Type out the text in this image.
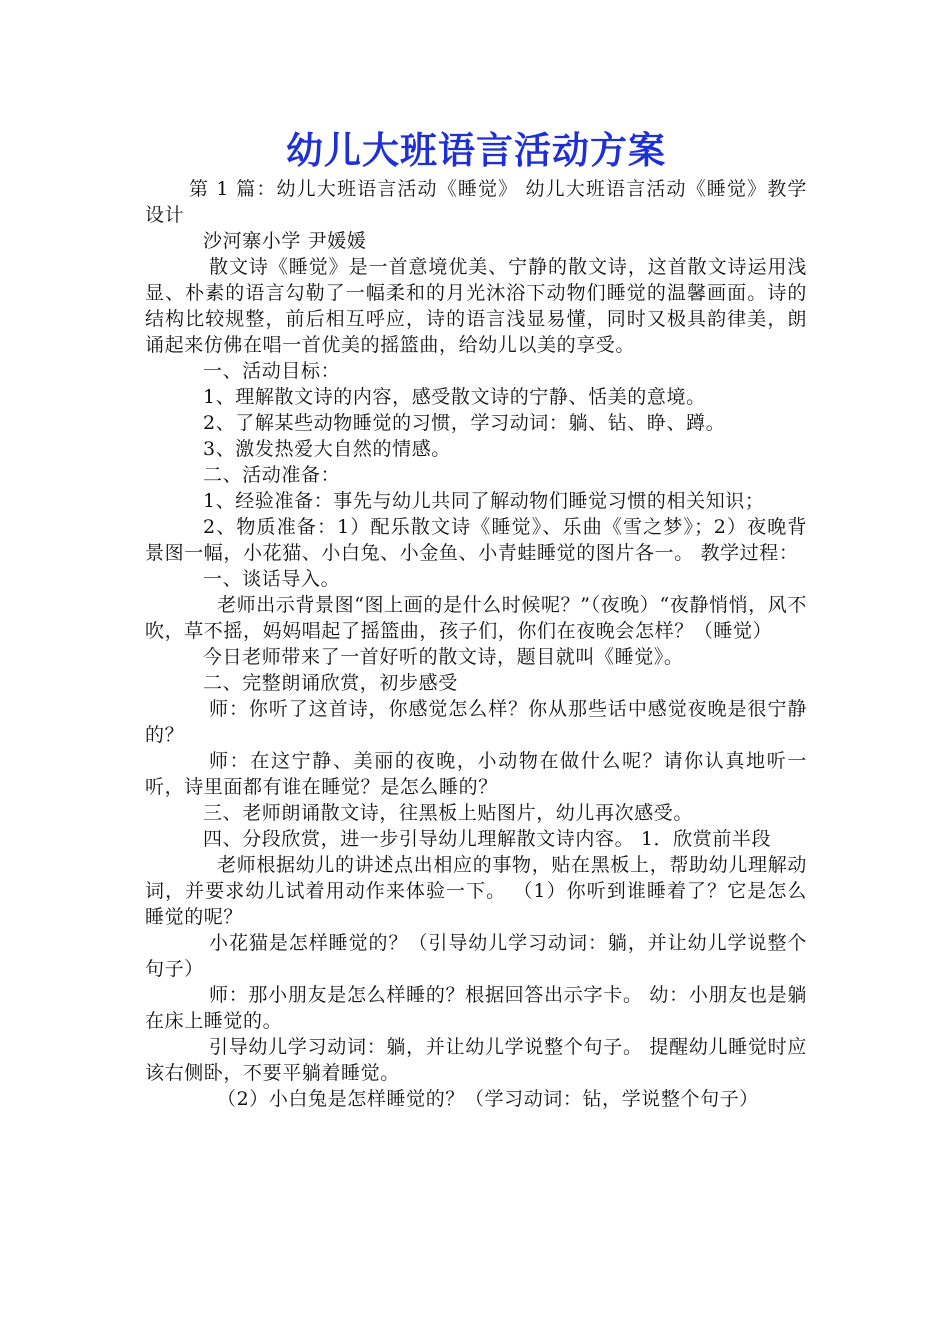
幼儿大班语言活动方案

第 1 篇：幼儿大班语言活动《睡觉》 幼儿大班语言活动《睡觉》教学设计

沙河寨小学 尹媛媛

散文诗《睡觉》是一首意境优美、宁静的散文诗，这首散文诗运用浅显、朴素的语言勾勒了一幅柔和的月光沐浴下动物们睡觉的温馨画面。诗的结构比较规整，前后相互呼应，诗的语言浅显易懂，同时又极具韵律美，朗诵起来仿佛在唱一首优美的摇篮曲，给幼儿以美的享受。

一、活动目标：

1、理解散文诗的内容，感受散文诗的宁静、恬美的意境。

2、了解某些动物睡觉的习惯，学习动词：躺、钻、睁、蹲。

3、激发热爱大自然的情感。

二、活动准备：

1、经验准备：事先与幼儿共同了解动物们睡觉习惯的相关知识；

2、物质准备：1）配乐散文诗《睡觉》、乐曲《雪之梦》；2）夜晚背景图一幅，小花猫、小白兔、小金鱼、小青蛙睡觉的图片各一。 教学过程：

一、谈话导入。

老师出示背景图“图上画的是什么时候呢？”（夜晚）“夜静悄悄，风不吹，草不摇，妈妈唱起了摇篮曲，孩子们，你们在夜晚会怎样？（睡觉）

今日老师带来了一首好听的散文诗，题目就叫《睡觉》。

二、完整朗诵欣赏，初步感受

师：你听了这首诗，你感觉怎么样？你从那些话中感觉夜晚是很宁静的？

师：在这宁静、美丽的夜晚，小动物在做什么呢？请你认真地听一听，诗里面都有谁在睡觉？是怎么睡的？

三、老师朗诵散文诗，往黑板上贴图片，幼儿再次感受。

四、分段欣赏，进一步引导幼儿理解散文诗内容。 1．欣赏前半段

老师根据幼儿的讲述点出相应的事物，贴在黑板上，帮助幼儿理解动词，并要求幼儿试着用动作来体验一下。 （1）你听到谁睡着了？它是怎么睡觉的呢？

小花猫是怎样睡觉的？（引导幼儿学习动词：躺，并让幼儿学说整个句子）

师：那小朋友是怎么样睡的？根据回答出示字卡。 幼：小朋友也是躺在床上睡觉的。

引导幼儿学习动词：躺，并让幼儿学说整个句子。 提醒幼儿睡觉时应该右侧卧，不要平躺着睡觉。

（2）小白兔是怎样睡觉的？（学习动词：钻，学说整个句子）
